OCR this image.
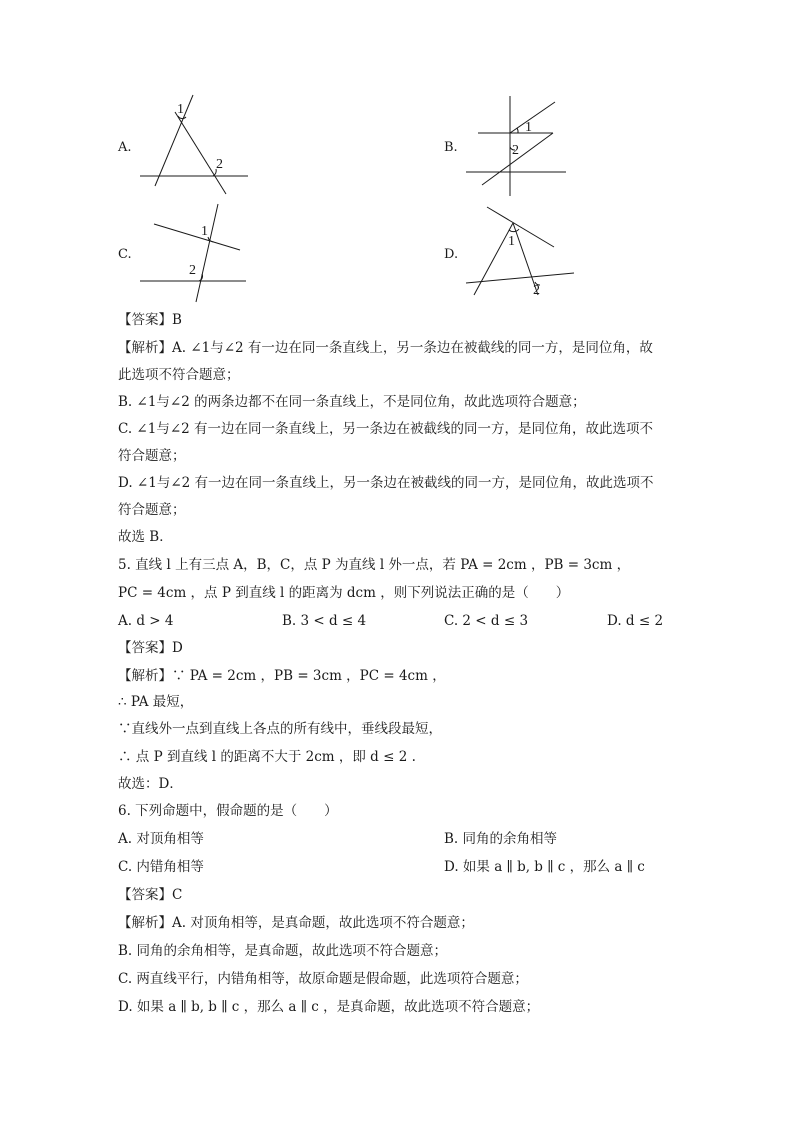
A.	B.
C.	D.
1
2
1
2
1
2
1
2
【答案】B
【解析】A. ∠1与∠2 有一边在同一条直线上，另一条边在被截线的同一方，是同位角，故
此选项不符合题意；
B. ∠1与∠2 的两条边都不在同一条直线上，不是同位角，故此选项符合题意；
C. ∠1与∠2 有一边在同一条直线上，另一条边在被截线的同一方，是同位角，故此选项不
符合题意；
D. ∠1与∠2 有一边在同一条直线上，另一条边在被截线的同一方，是同位角，故此选项不
符合题意；
故选 B．
5. 直线 l 上有三点 A，B，C，点 P 为直线 l 外一点，若 PA = 2cm ，PB = 3cm ，
PC = 4cm ，点 P 到直线 l 的距离为 dcm ，则下列说法正确的是（　　）
A. d > 4	B. 3 < d ≤ 4	C. 2 < d ≤ 3	D. d ≤ 2
【答案】D
【解析】∵ PA = 2cm ，PB = 3cm ，PC = 4cm ，
∴ PA 最短，
∵直线外一点到直线上各点的所有线中，垂线段最短，
∴ 点 P 到直线 l 的距离不大于 2cm ，即 d ≤ 2 .
故选：D．
6. 下列命题中，假命题的是（　　）
A. 对顶角相等	B. 同角的余角相等
C. 内错角相等	D. 如果 a ∥ b, b ∥ c ，那么 a ∥ c
【答案】C
【解析】A. 对顶角相等，是真命题，故此选项不符合题意；
B. 同角的余角相等，是真命题，故此选项不符合题意；
C. 两直线平行，内错角相等，故原命题是假命题，此选项符合题意；
D. 如果 a ∥ b, b ∥ c ，那么 a ∥ c ，是真命题，故此选项不符合题意；
